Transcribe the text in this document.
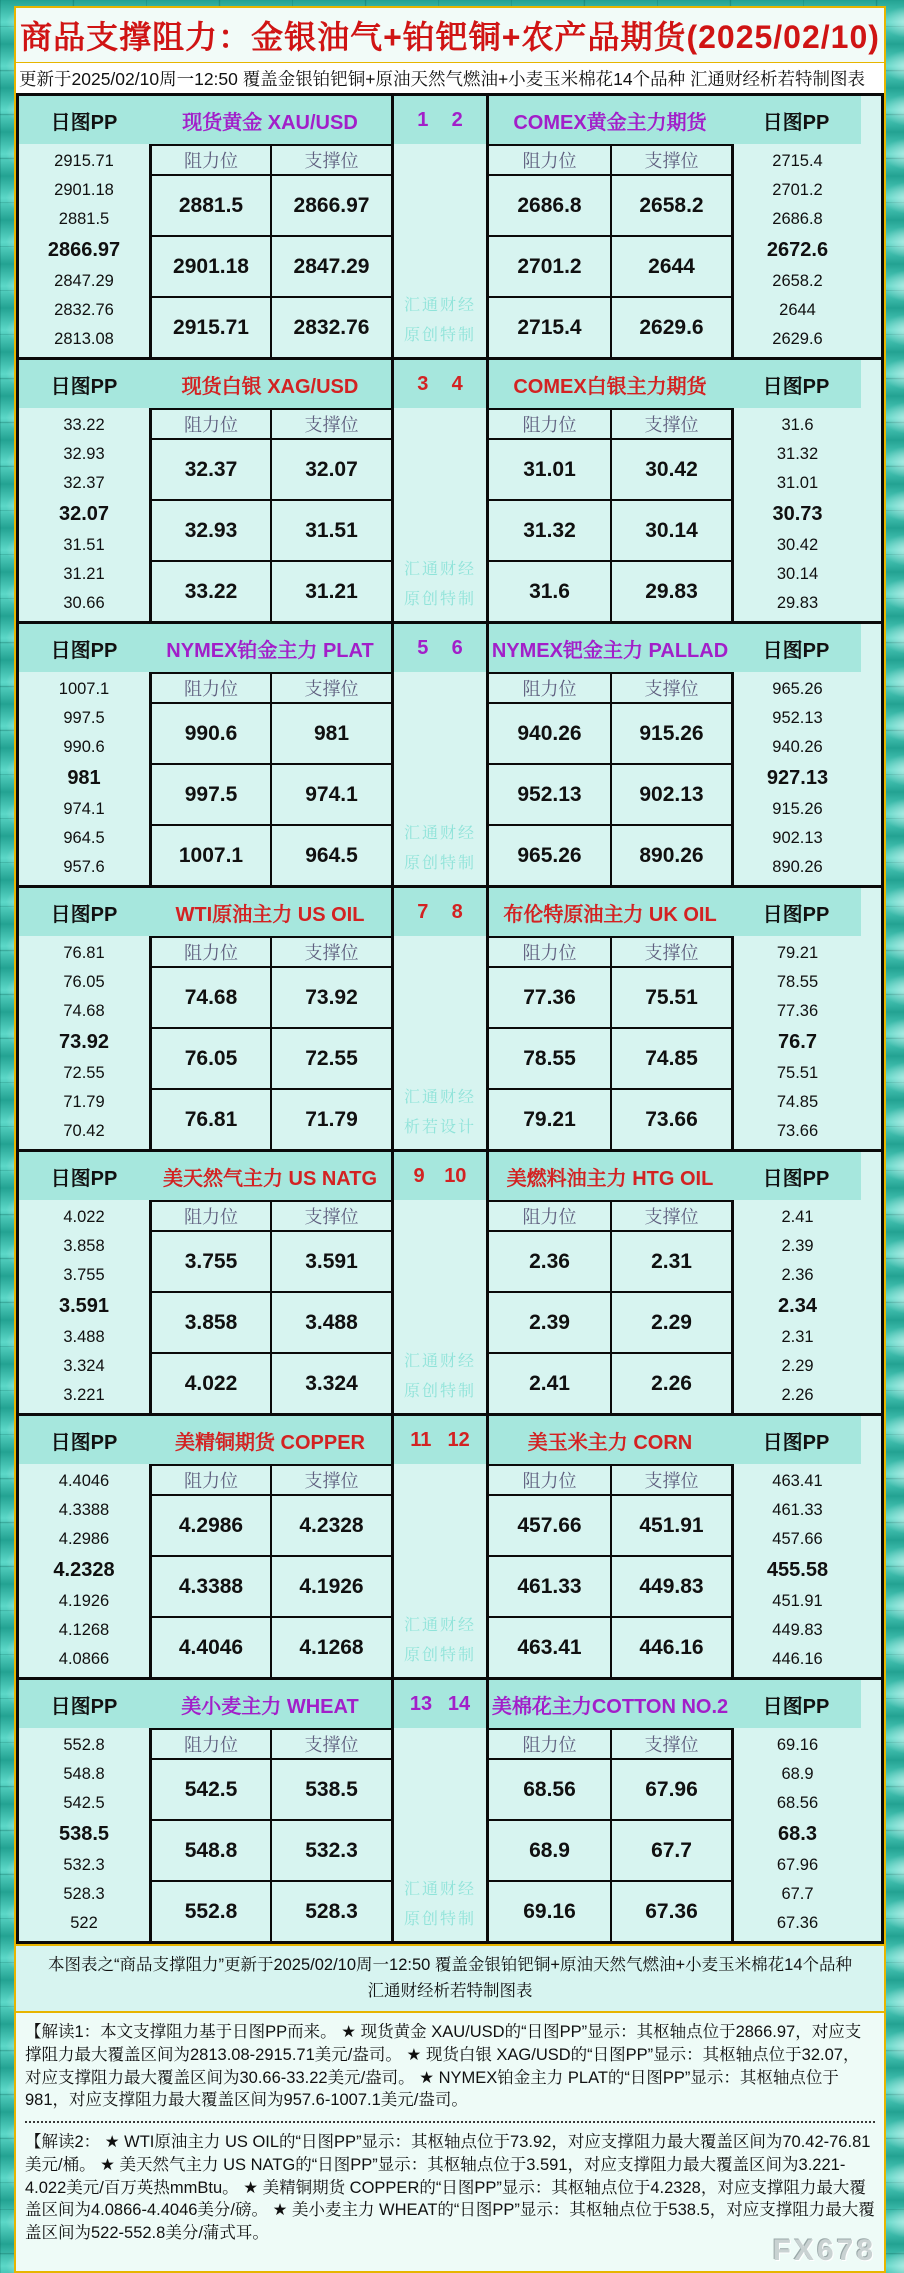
商品支撑阻力：金银油气+铂钯铜+农产品期货(2025/02/10)
更新于2025/02/10周一12:50 覆盖金银铂钯铜+原油天然气燃油+小麦玉米棉花14个品种 汇通财经析若特制图表
日图PP	现货黄金 XAU/USD	1 2	COMEX黄金主力期货	日图PP
2915.71
2901.18
2881.5
2866.97
2847.29
2832.76
2813.08
阻力位	支撑位
汇通财经
原创特制
阻力位	支撑位
2881.5	2866.97
2901.18	2847.29
2915.71	2832.76
2686.8	2658.2
2701.2	2644
2715.4	2629.6
2715.4
2701.2
2686.8
2672.6
2658.2
2644
2629.6
日图PP	现货白银 XAG/USD	3 4	COMEX白银主力期货	日图PP
33.22
32.93
32.37
32.07
31.51
31.21
30.66
阻力位	支撑位
汇通财经
原创特制
阻力位	支撑位
32.37	32.07
32.93	31.51
33.22	31.21
31.01	30.42
31.32	30.14
31.6	29.83
31.6
31.32
31.01
30.73
30.42
30.14
29.83
日图PP	NYMEX铂金主力 PLAT	5 6 NYMEX钯金主力 PALLAD	日图PP
1007.1
997.5
990.6
981
974.1
964.5
957.6
阻力位	支撑位
汇通财经
原创特制
阻力位	支撑位
990.6	981
997.5	974.1
1007.1	964.5
940.26	915.26
952.13	902.13
965.26	890.26
965.26
952.13
940.26
927.13
915.26
902.13
890.26
日图PP	WTI原油主力 US OIL	7 8	布伦特原油主力 UK OIL	日图PP
76.81
76.05
74.68
73.92
72.55
71.79
70.42
阻力位	支撑位
汇通财经
析若设计
阻力位	支撑位
74.68	73.92
76.05	72.55
76.81	71.79
77.36	75.51
78.55	74.85
79.21	73.66
79.21
78.55
77.36
76.7
75.51
74.85
73.66
日图PP	美天然气主力 US NATG	9 10	美燃料油主力 HTG OIL	日图PP
4.022
3.858
3.755
3.591
3.488
3.324
3.221
阻力位	支撑位
汇通财经
原创特制
阻力位	支撑位
3.755	3.591
3.858	3.488
4.022	3.324
2.36	2.31
2.39	2.29
2.41	2.26
2.41
2.39
2.36
2.34
2.31
2.29
2.26
日图PP	美精铜期货 COPPER	11 12	美玉米主力 CORN	日图PP
4.4046
4.3388
4.2986
4.2328
4.1926
4.1268
4.0866
阻力位	支撑位
汇通财经
原创特制
阻力位	支撑位
4.2986	4.2328
4.3388	4.1926
4.4046	4.1268
457.66	451.91
461.33	449.83
463.41	446.16
463.41
461.33
457.66
455.58
451.91
449.83
446.16
日图PP	美小麦主力 WHEAT	13 14 美棉花主力COTTON NO.2	日图PP
552.8
548.8
542.5
538.5
532.3
528.3
522
阻力位	支撑位
汇通财经
原创特制
阻力位	支撑位
542.5	538.5
548.8	532.3
552.8	528.3
68.56	67.96
68.9	67.7
69.16	67.36
69.16
68.9
68.56
68.3
67.96
67.7
67.36
本图表之“商品支撑阻力”更新于2025/02/10周一12:50 覆盖金银铂钯铜+原油天然气燃油+小麦玉米棉花14个品种 汇通财经析若特制图表

【解读1：本文支撑阻力基于日图PP而来。 ★ 现货黄金 XAU/USD的“日图PP”显示：其枢轴点位于2866.97，对应支撑阻力最大覆盖区间为2813.08-2915.71美元/盎司。 ★ 现货白银 XAG/USD的“日图PP”显示：其枢轴点位于32.07，对应支撑阻力最大覆盖区间为30.66-33.22美元/盎司。 ★ NYMEX铂金主力 PLAT的“日图PP”显示：其枢轴点位于981，对应支撑阻力最大覆盖区间为957.6-1007.1美元/盎司。

【解读2： ★ WTI原油主力 US OIL的“日图PP”显示：其枢轴点位于73.92，对应支撑阻力最大覆盖区间为70.42-76.81美元/桶。 ★ 美天然气主力 US NATG的“日图PP”显示：其枢轴点位于3.591，对应支撑阻力最大覆盖区间为3.221-4.022美元/百万英热mmBtu。 ★ 美精铜期货 COPPER的“日图PP”显示：其枢轴点位于4.2328，对应支撑阻力最大覆盖区间为4.0866-4.4046美分/磅。 ★ 美小麦主力 WHEAT的“日图PP”显示：其枢轴点位于538.5，对应支撑阻力最大覆盖区间为522-552.8美分/蒲式耳。

FX678
